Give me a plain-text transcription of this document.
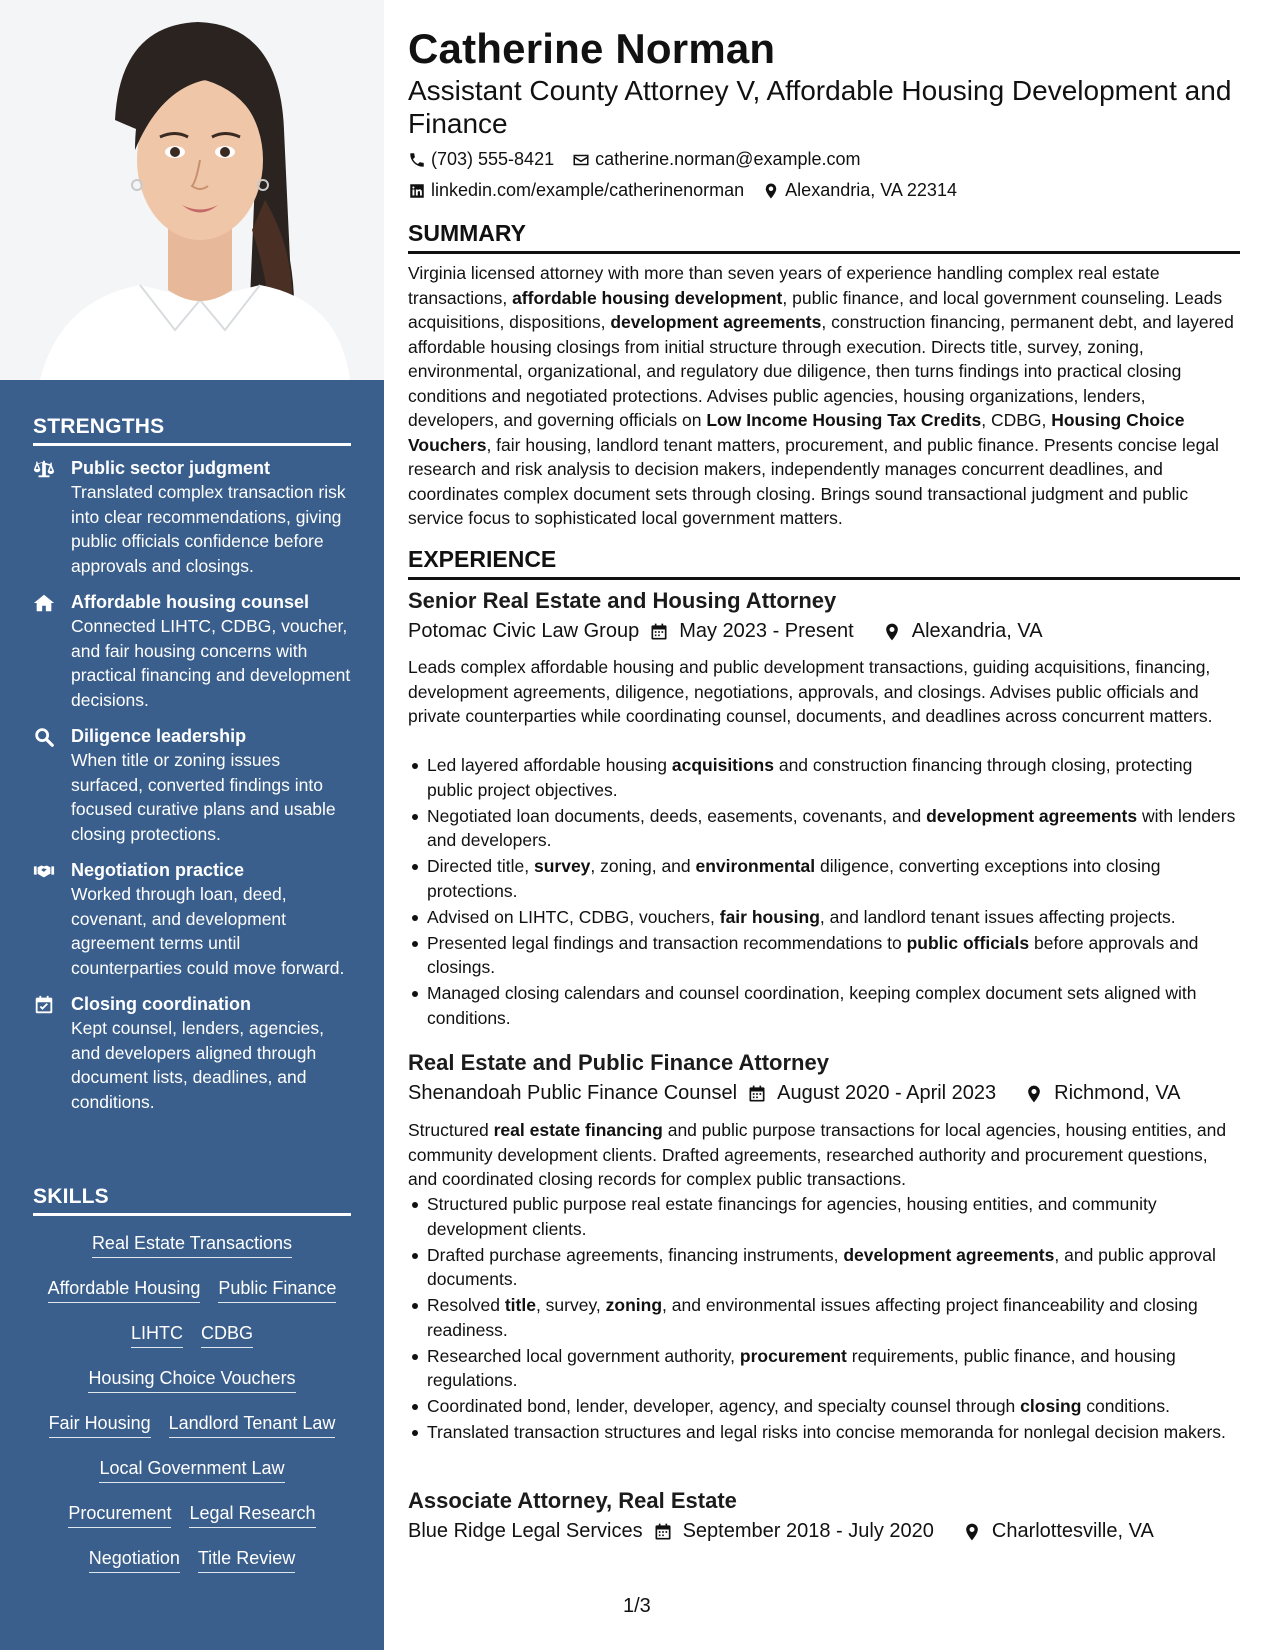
STRENGTHS
Public sector judgment
Translated complex transaction risk into clear recommendations, giving public officials confidence before approvals and closings.
Affordable housing counsel
Connected LIHTC, CDBG, voucher, and fair housing concerns with practical financing and development decisions.
Diligence leadership
When title or zoning issues surfaced, converted findings into focused curative plans and usable closing protections.
Negotiation practice
Worked through loan, deed, covenant, and development agreement terms until counterparties could move forward.
Closing coordination
Kept counsel, lenders, agencies, and developers aligned through document lists, deadlines, and conditions.
SKILLS
Real Estate Transactions
Affordable Housing Public Finance
LIHTC CDBG
Housing Choice Vouchers
Fair Housing Landlord Tenant Law
Local Government Law
Procurement Legal Research
Negotiation Title Review
Catherine Norman
Assistant County Attorney V, Affordable Housing Development and Finance
(703) 555-8421 catherine.norman@example.com
linkedin.com/example/catherinenorman Alexandria, VA 22314
SUMMARY
Virginia licensed attorney with more than seven years of experience handling complex real estate transactions, affordable housing development, public finance, and local government counseling. Leads acquisitions, dispositions, development agreements, construction financing, permanent debt, and layered affordable housing closings from initial structure through execution. Directs title, survey, zoning, environmental, organizational, and regulatory due diligence, then turns findings into practical closing conditions and negotiated protections. Advises public agencies, housing organizations, lenders, developers, and governing officials on Low Income Housing Tax Credits, CDBG, Housing Choice Vouchers, fair housing, landlord tenant matters, procurement, and public finance. Presents concise legal research and risk analysis to decision makers, independently manages concurrent deadlines, and coordinates complex document sets through closing. Brings sound transactional judgment and public service focus to sophisticated local government matters.
EXPERIENCE
Senior Real Estate and Housing Attorney
Potomac Civic Law Group May 2023 - Present	Alexandria, VA
Leads complex affordable housing and public development transactions, guiding acquisitions, financing, development agreements, diligence, negotiations, approvals, and closings. Advises public officials and private counterparties while coordinating counsel, documents, and deadlines across concurrent matters.
Led layered affordable housing acquisitions and construction financing through closing, protecting public project objectives.
Negotiated loan documents, deeds, easements, covenants, and development agreements with lenders and developers.
Directed title, survey, zoning, and environmental diligence, converting exceptions into closing protections.
Advised on LIHTC, CDBG, vouchers, fair housing, and landlord tenant issues affecting projects.
Presented legal findings and transaction recommendations to public officials before approvals and closings.
Managed closing calendars and counsel coordination, keeping complex document sets aligned with conditions.
Real Estate and Public Finance Attorney
Shenandoah Public Finance Counsel August 2020 - April 2023	Richmond, VA
Structured real estate financing and public purpose transactions for local agencies, housing entities, and community development clients. Drafted agreements, researched authority and procurement questions, and coordinated closing records for complex public transactions.
Structured public purpose real estate financings for agencies, housing entities, and community development clients.
Drafted purchase agreements, financing instruments, development agreements, and public approval documents.
Resolved title, survey, zoning, and environmental issues affecting project financeability and closing readiness.
Researched local government authority, procurement requirements, public finance, and housing regulations.
Coordinated bond, lender, developer, agency, and specialty counsel through closing conditions.
Translated transaction structures and legal risks into concise memoranda for nonlegal decision makers.
Associate Attorney, Real Estate
Blue Ridge Legal Services September 2018 - July 2020	Charlottesville, VA
1/3
